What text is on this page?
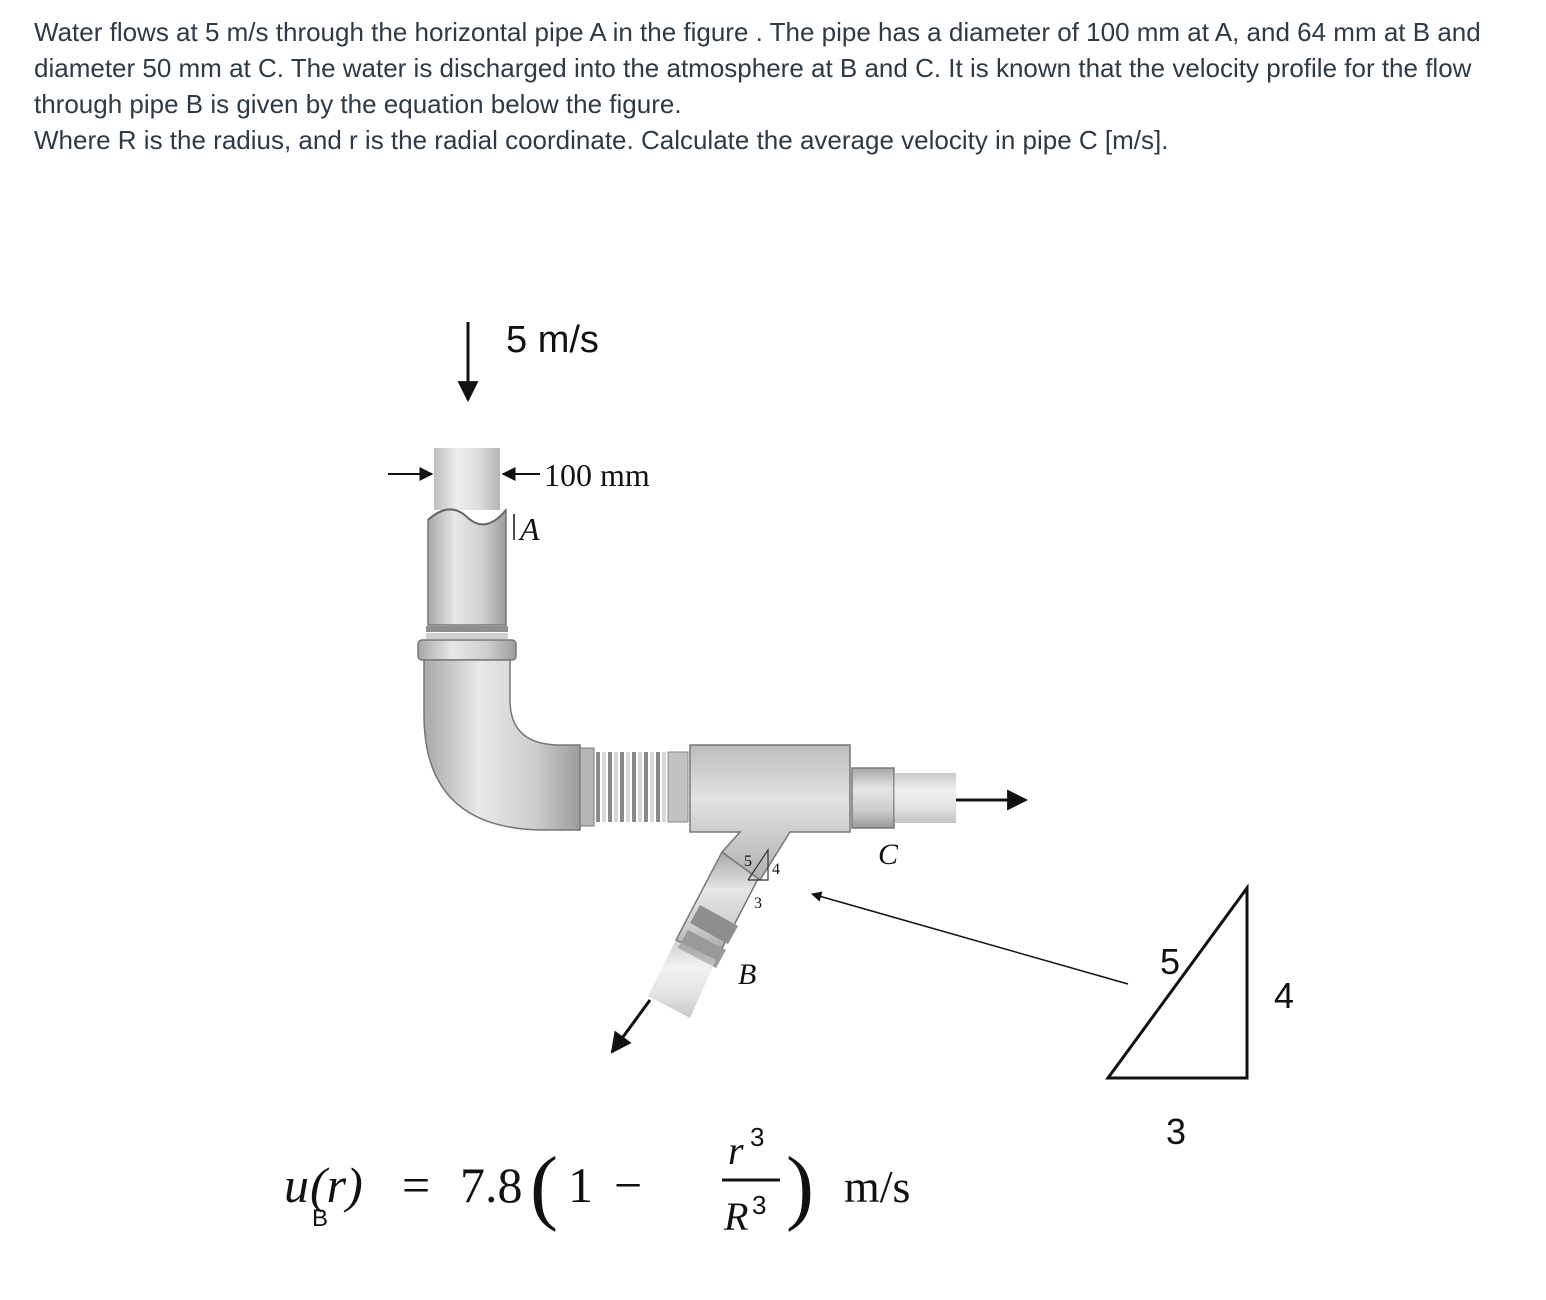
Water flows at 5 m/s through the horizontal pipe A in the figure . The pipe has a diameter of 100 mm at A, and 64 mm at B and diameter 50 mm at C. The water is discharged into the atmosphere at B and C. It is known that the velocity profile for the flow through pipe B is given by the equation below the figure.

Where R is the radius, and r is the radial coordinate. Calculate the average velocity in pipe C [m/s].

5 m/s
100 mm
A
5 4
3
C
B	5
4
3
u
B
(r) = 7.8 ( 1 −
r 3
R 3 ) m/s
